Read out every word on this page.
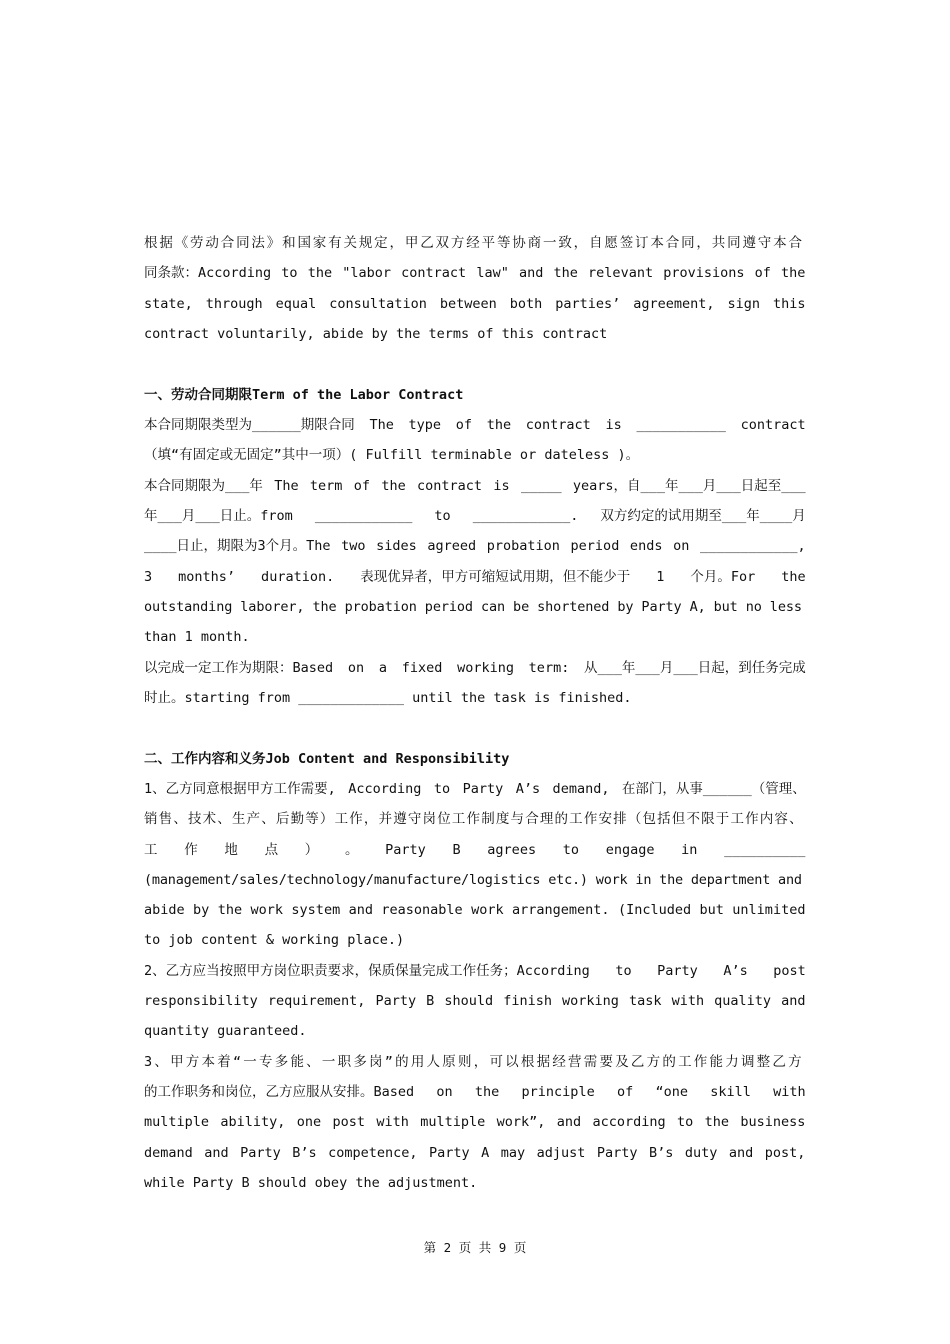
根据《劳动合同法》和国家有关规定，甲乙双方经平等协商一致，自愿签订本合同，共同遵守本合
同条款：According to the "labor contract law" and the relevant provisions of the
state, through equal consultation between both parties’ agreement, sign this
contract voluntarily, abide by the terms of this contract
一、劳动合同期限Term of the Labor Contract
本合同期限类型为______期限合同 The type of the contract is ___________ contract
（填“有固定或无固定”其中一项）( Fulfill terminable or dateless )。
本合同期限为___年 The term of the contract is _____ years，自___年___月___日起至___
年___月___日止。from ____________ to ____________. 双方约定的试用期至___年____月
____日止，期限为3个月。The two sides agreed probation period ends on ____________,
3 months’ duration. 表现优异者，甲方可缩短试用期，但不能少于 1 个月。For the
outstanding laborer, the probation period can be shortened by Party A, but no less
than 1 month.
以完成一定工作为期限：Based on a fixed working term: 从___年___月___日起，到任务完成
时止。starting from _____________ until the task is finished.
二、工作内容和义务Job Content and Responsibility
1、乙方同意根据甲方工作需要, According to Party A’s demand, 在部门，从事______（管理、
销售、技术、生产、后勤等）工作，并遵守岗位工作制度与合理的工作安排（包括但不限于工作内容、
工 作 地 点 ） 。 Party B agrees to engage in __________
(management/sales/technology/manufacture/logistics etc.) work in the department and
abide by the work system and reasonable work arrangement. (Included but unlimited
to job content & working place.)
2、乙方应当按照甲方岗位职责要求，保质保量完成工作任务；According to Party A’s post
responsibility requirement, Party B should finish working task with quality and
quantity guaranteed.
3、甲方本着“一专多能、一职多岗”的用人原则，可以根据经营需要及乙方的工作能力调整乙方
的工作职务和岗位，乙方应服从安排。Based on the principle of “one skill with
multiple ability, one post with multiple work”, and according to the business
demand and Party B’s competence, Party A may adjust Party B’s duty and post,
while Party B should obey the adjustment.
第 2 页 共 9 页
